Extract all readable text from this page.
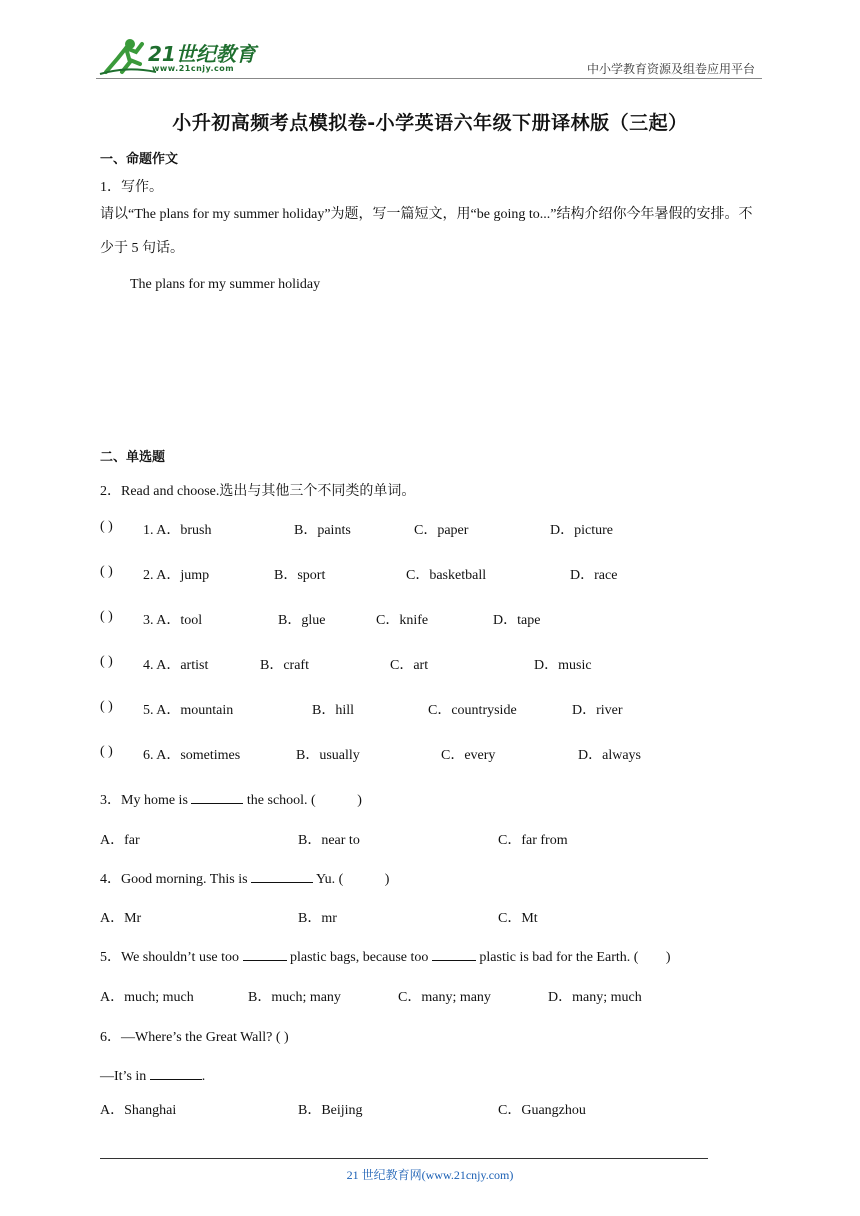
21世纪教育
www.21cnjy.com	中小学教育资源及组卷应用平台
小升初高频考点模拟卷-小学英语六年级下册译林版（三起）
一、命题作文
1．写作。
请以“The plans for my summer holiday”为题，写一篇短文，用“be going to...”结构介绍你今年暑假的安排。不少于 5 句话。
The plans for my summer holiday
二、单选题
2．Read and choose.选出与其他三个不同类的单词。
( ) 1. A．brush	B．paints	C．paper	D．picture
( ) 2. A．jump	B．sport	C．basketball	D．race
( ) 3. A．tool	B．glue	C．knife	D．tape
( ) 4. A．artist	B．craft	C．art	D．music
( ) 5. A．mountain	B．hill	C．countryside	D．river
( ) 6. A．sometimes	B．usually	C．every	D．always
3．My home is	the school. (	)
A．far	B．near to	C．far from
4．Good morning. This is	Yu. (	)
A．Mr	B．mr	C．Mt
5．We shouldn’t use too	plastic bags, because too	plastic is bad for the Earth. ( )
A．much; much	B．much; many	C．many; many	D．many; much
6．—Where’s the Great Wall? ( )
—It’s in	.
A．Shanghai	B．Beijing	C．Guangzhou
21 世纪教育网(www.21cnjy.com)
